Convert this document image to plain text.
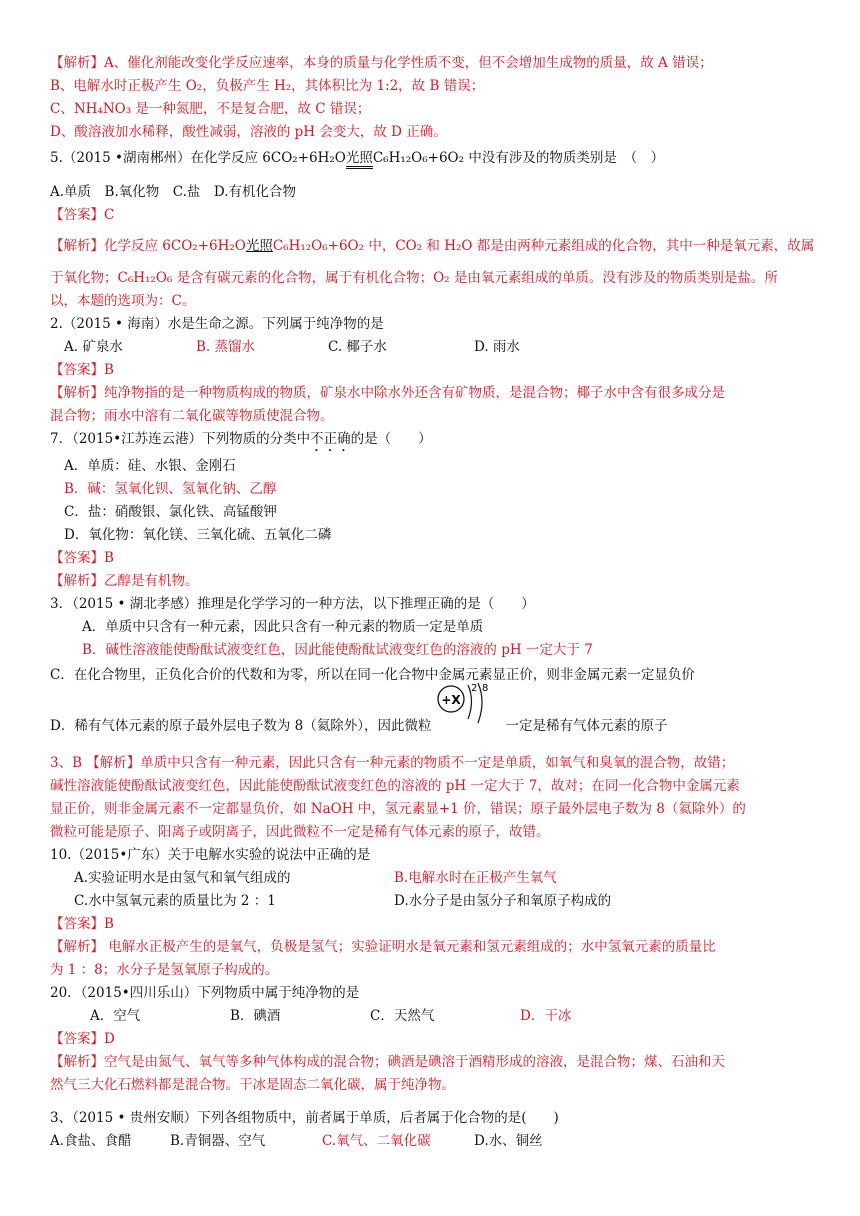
【解析】A、催化剂能改变化学反应速率，本身的质量与化学性质不变，但不会增加生成物的质量，故 A 错误；
B、电解水时正极产生 O₂，负极产生 H₂，其体积比为 1:2，故 B 错误；
C、NH₄NO₃ 是一种氮肥，不是复合肥，故 C 错误；
D、酸溶液加水稀释，酸性减弱，溶液的 pH 会变大，故 D 正确。
5.（2015 •湖南郴州）在化学反应 6CO₂+6H₂O光照C₆H₁₂O₆+6O₂ 中没有涉及的物质类别是　（　）
A.单质　B.氧化物　C.盐　D.有机化合物
【答案】C
【解析】化学反应 6CO₂+6H₂O光照C₆H₁₂O₆+6O₂ 中，CO₂ 和 H₂O 都是由两种元素组成的化合物，其中一种是氧元素，故属
于氧化物；C₆H₁₂O₆ 是含有碳元素的化合物，属于有机化合物；O₂ 是由氧元素组成的单质。没有涉及的物质类别是盐。所
以，本题的选项为：C。
2.（2015 • 海南）水是生命之源。下列属于纯净物的是
A. 矿泉水	B. 蒸馏水	C. 椰子水	D. 雨水
【答案】B
【解析】纯净物指的是一种物质构成的物质，矿泉水中除水外还含有矿物质，是混合物；椰子水中含有很多成分是
混合物；雨水中溶有二氧化碳等物质使混合物。
7．（2015•江苏连云港）下列物质的分类中不正确的是（　　）
A．单质：硅、水银、金刚石
B．碱：氢氧化钡、氢氧化钠、乙醇
C．盐：硝酸银、氯化铁、高锰酸钾
D．氧化物：氧化镁、三氧化硫、五氧化二磷
【答案】B
【解析】乙醇是有机物。
3．（2015 • 湖北孝感）推理是化学学习的一种方法，以下推理正确的是（　　）
A．单质中只含有一种元素，因此只含有一种元素的物质一定是单质
B．碱性溶液能使酚酞试液变红色，因此能使酚酞试液变红色的溶液的 pH 一定大于 7
C．在化合物里，正负化合价的代数和为零，所以在同一化合物中金属元素显正价，则非金属元素一定显负价
D．稀有气体元素的原子最外层电子数为 8（氦除外），因此微粒
+X
2 8
一定是稀有气体元素的原子
3、B 【解析】单质中只含有一种元素，因此只含有一种元素的物质不一定是单质，如氧气和臭氧的混合物，故错；
碱性溶液能使酚酞试液变红色，因此能使酚酞试液变红色的溶液的 pH 一定大于 7，故对；在同一化合物中金属元素
显正价，则非金属元素不一定都显负价，如 NaOH 中，氢元素显+1 价，错误；原子最外层电子数为 8（氦除外）的
微粒可能是原子、阳离子或阴离子，因此微粒不一定是稀有气体元素的原子，故错。
10.（2015•广东）关于电解水实验的说法中正确的是
A.实验证明水是由氢气和氧气组成的	B.电解水时在正极产生氧气
C.水中氢氧元素的质量比为 2 ：1	D.水分子是由氢分子和氧原子构成的
【答案】B
【解析】 电解水正极产生的是氧气，负极是氢气；实验证明水是氧元素和氢元素组成的；水中氢氧元素的质量比
为 1 ：8；水分子是氢氧原子构成的。
20．（2015•四川乐山）下列物质中属于纯净物的是
A．空气	B．碘酒	C．天然气	D．干冰
【答案】D
【解析】空气是由氮气、氧气等多种气体构成的混合物；碘酒是碘溶于酒精形成的溶液，是混合物；煤、石油和天
然气三大化石燃料都是混合物。干冰是固态二氧化碳，属于纯净物。
3、（2015 • 贵州安顺）下列各组物质中，前者属于单质，后者属于化合物的是(　　)
A.食盐、食醋	B.青铜器、空气	C.氧气、二氧化碳	D.水、铜丝
